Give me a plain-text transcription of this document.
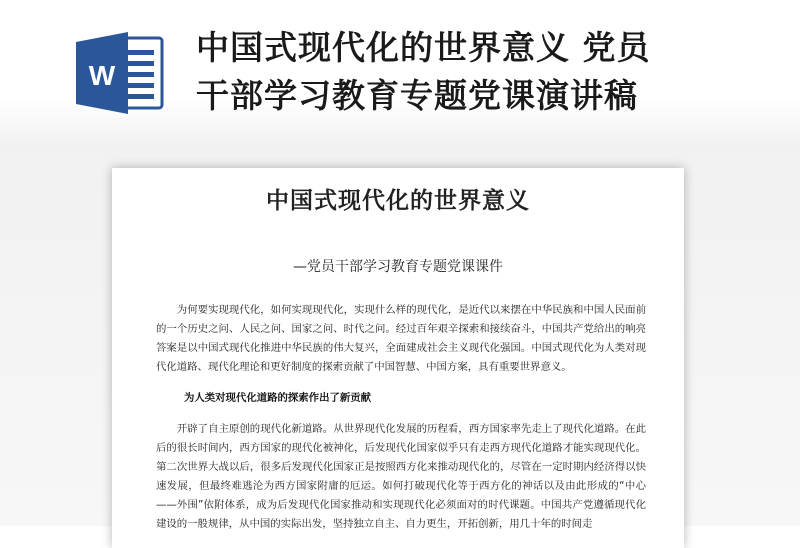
W
中国式现代化的世界意义 党员
干部学习教育专题党课演讲稿
中国式现代化的世界意义
—党员干部学习教育专题党课课件
为何要实现现代化，如何实现现代化，实现什么样的现代化，是近代以来摆在中华民族和中国人民面前的一个历史之问、人民之问、国家之问、时代之问。经过百年艰辛探索和接续奋斗，中国共产党给出的响亮答案是以中国式现代化推进中华民族的伟大复兴，全面建成社会主义现代化强国。中国式现代化为人类对现代化道路、现代化理论和更好制度的探索贡献了中国智慧、中国方案，具有重要世界意义。
为人类对现代化道路的探索作出了新贡献
开辟了自主原创的现代化新道路。从世界现代化发展的历程看，西方国家率先走上了现代化道路。在此后的很长时间内，西方国家的现代化被神化，后发现代化国家似乎只有走西方现代化道路才能实现现代化。第二次世界大战以后，很多后发现代化国家正是按照西方化来推动现代化的，尽管在一定时期内经济得以快速发展，但最终难逃沦为西方国家附庸的厄运。如何打破现代化等于西方化的神话以及由此形成的“中心——外围”依附体系，成为后发现代化国家推动和实现现代化必须面对的时代课题。中国共产党遵循现代化建设的一般规律，从中国的实际出发，坚持独立自主、自力更生，开拓创新，用几十年的时间走
